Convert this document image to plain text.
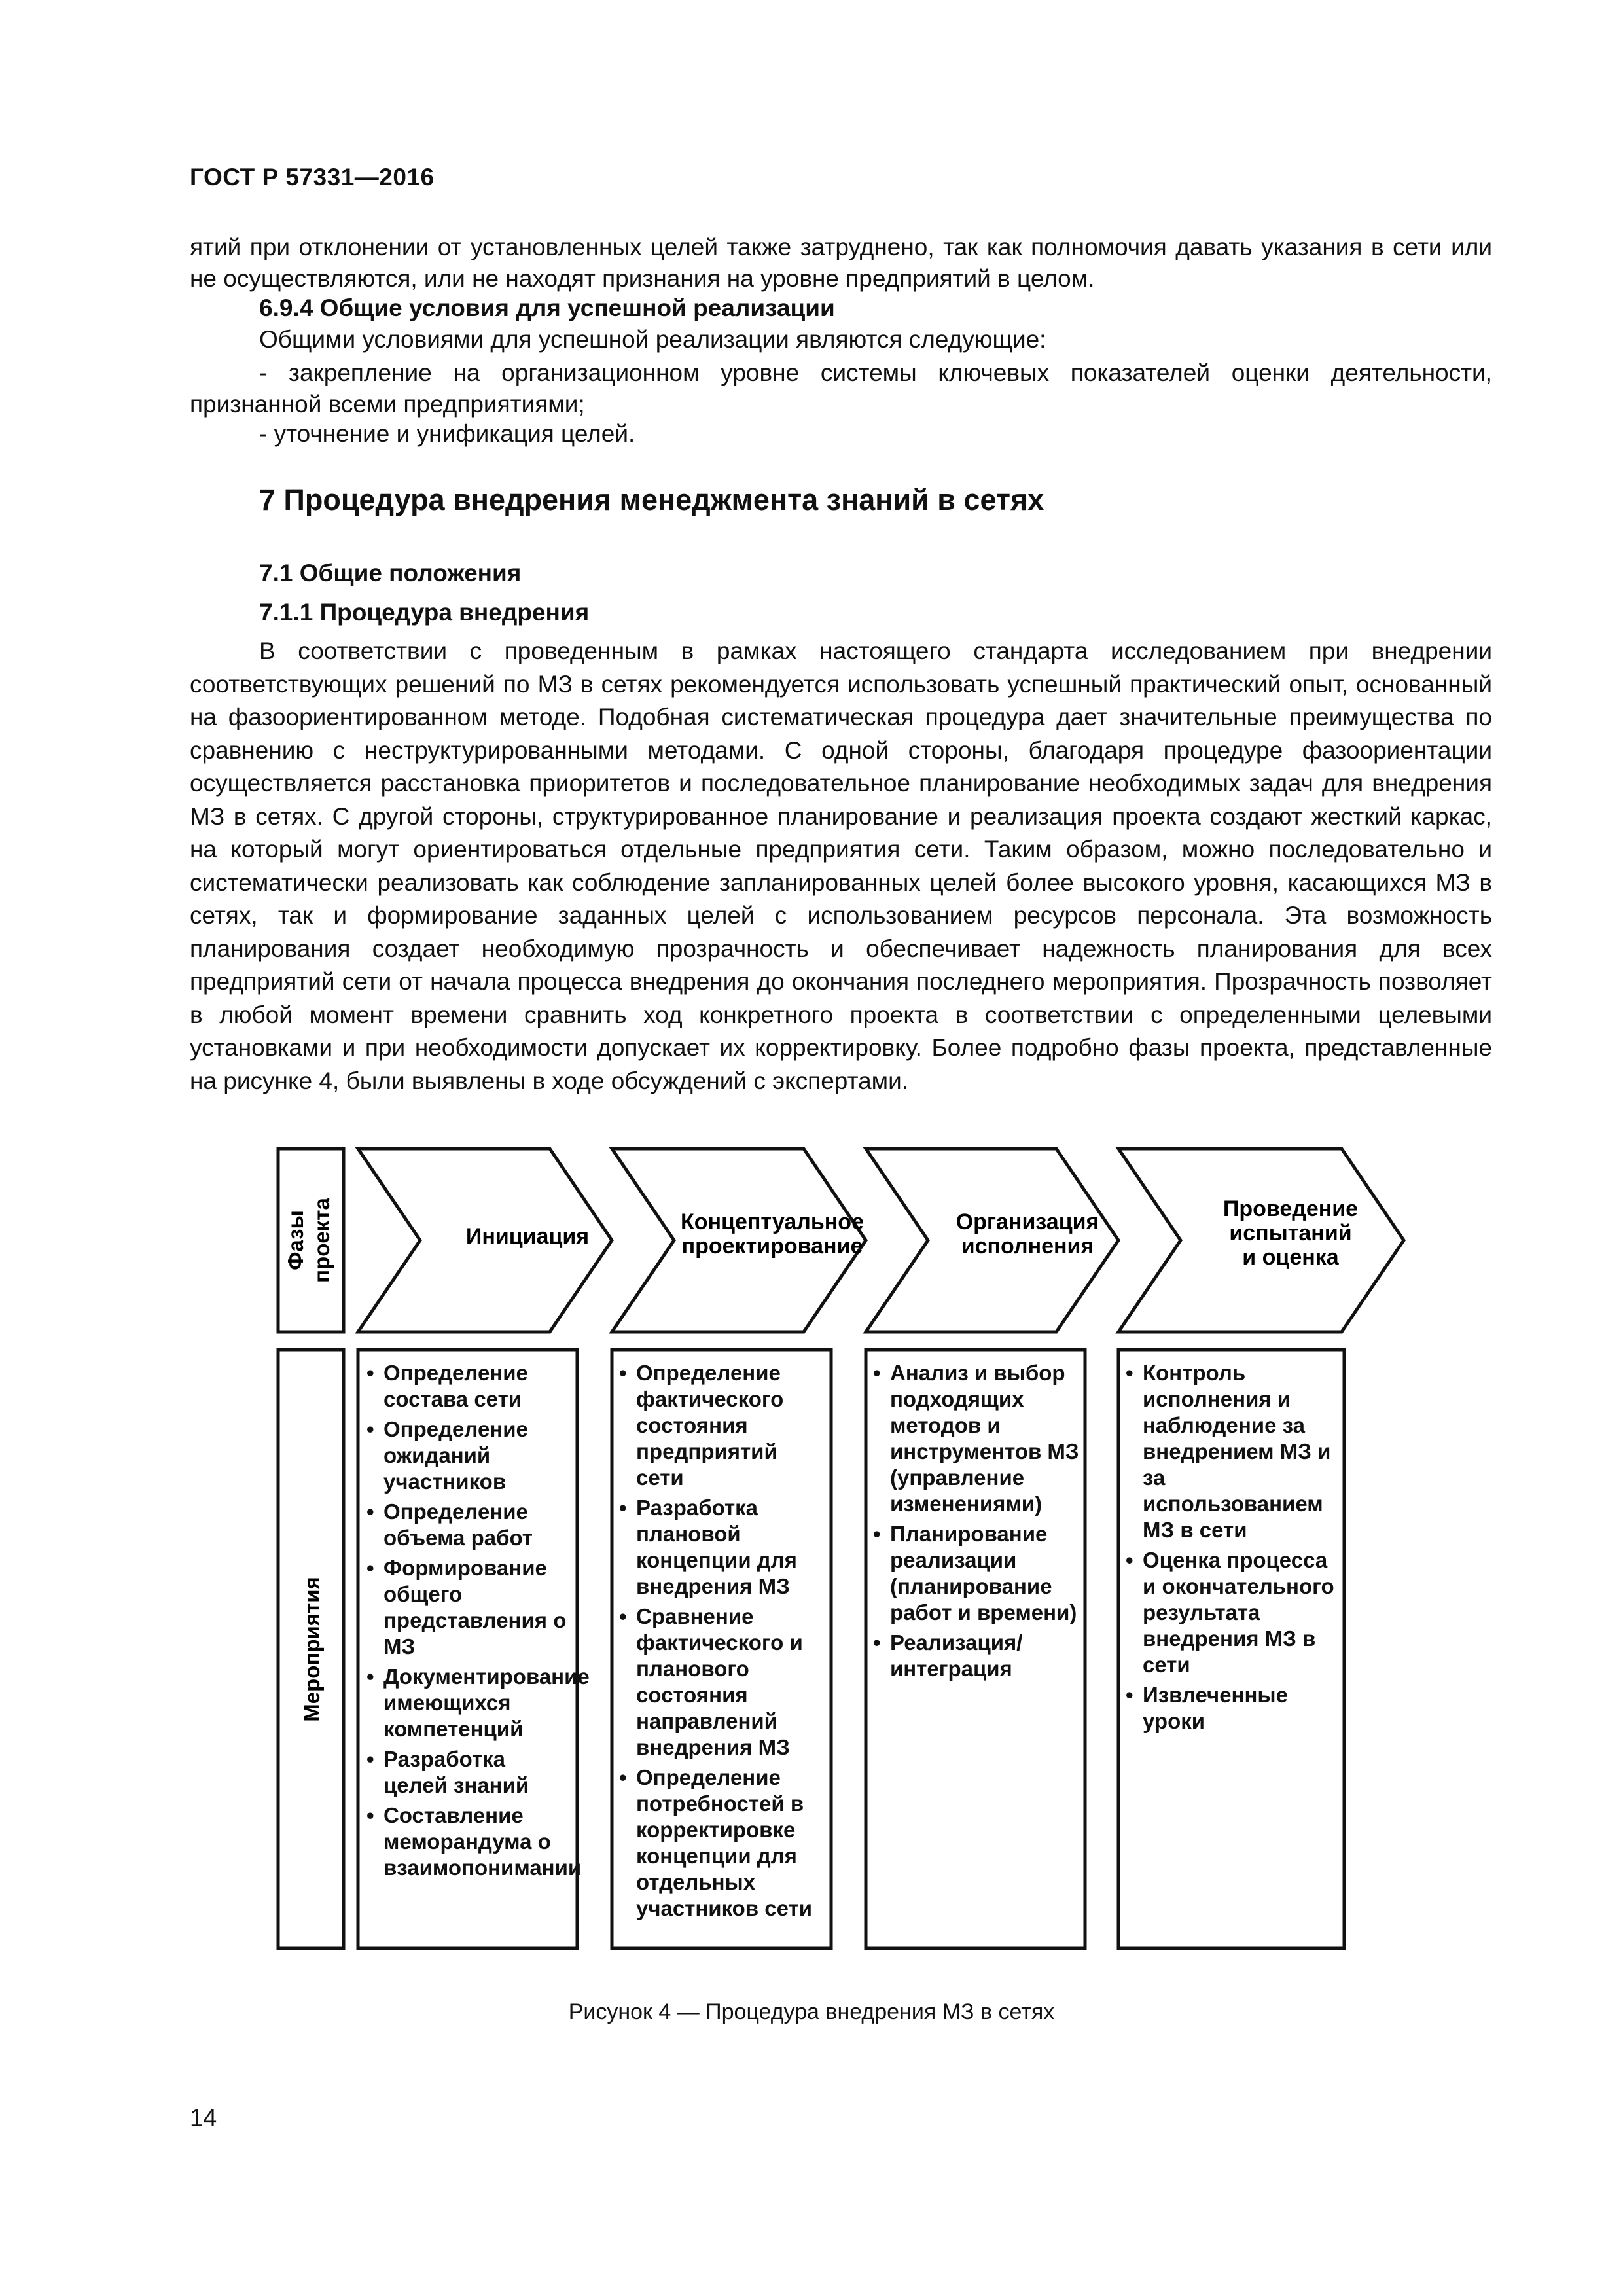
ГОСТ Р 57331—2016
ятий при отклонении от установленных целей также затруднено, так как полномочия давать указания в сети или не осуществляются, или не находят признания на уровне предприятий в целом.
6.9.4 Общие условия для успешной реализации
Общими условиями для успешной реализации являются следующие:
- закрепление на организационном уровне системы ключевых показателей оценки деятельности, признанной всеми предприятиями;
- уточнение и унификация целей.
7 Процедура внедрения менеджмента знаний в сетях
7.1 Общие положения
7.1.1 Процедура внедрения
В соответствии с проведенным в рамках настоящего стандарта исследованием при внедрении соответствующих решений по МЗ в сетях рекомендуется использовать успешный практический опыт, основанный на фазоориентированном методе. Подобная систематическая процедура дает значительные преимущества по сравнению с неструктурированными методами. С одной стороны, благодаря процедуре фазоориентации осуществляется расстановка приоритетов и последовательное планирование необходимых задач для внедрения МЗ в сетях. С другой стороны, структурированное планирование и реализация проекта создают жесткий каркас, на который могут ориентироваться отдельные предприятия сети. Таким образом, можно последовательно и систематически реализовать как соблюдение запланированных целей более высокого уровня, касающихся МЗ в сетях, так и формирование заданных целей с использованием ресурсов персонала. Эта возможность планирования создает необходимую прозрачность и обеспечивает надежность планирования для всех предприятий сети от начала процесса внедрения до окончания последнего мероприятия. Прозрачность позволяет в любой момент времени сравнить ход конкретного проекта в соответствии с определенными целевыми установками и при необходимости допускает их корректировку. Более подробно фазы проекта, представленные на рисунке 4, были выявлены в ходе обсуждений с экспертами.
Фазы проекта
Мероприятия
Инициация
Концептуальное
проектирование
Организация
исполнения
Проведение
испытаний
и оценка
• Определение состава сети
• Определение ожиданий участников
• Определение объема работ
• Формирование общего представления о МЗ
• Документирование имеющихся компетенций
• Разработка целей знаний
• Составление меморандума о взаимопонимании
• Определение фактического состояния предприятий сети
• Разработка плановой концепции для внедрения МЗ
• Сравнение фактического и планового состояния направлений внедрения МЗ
• Определение потребностей в корректировке концепции для отдельных участников сети
• Анализ и выбор подходящих методов и инструментов МЗ (управление изменениями)
• Планирование реализации (планирование работ и времени)
• Реализация/интеграция
• Контроль исполнения и наблюдение за внедрением МЗ и за использованием МЗ в сети
• Оценка процесса и окончательного результата внедрения МЗ в сети
• Извлеченные уроки
Рисунок 4 — Процедура внедрения МЗ в сетях
14
